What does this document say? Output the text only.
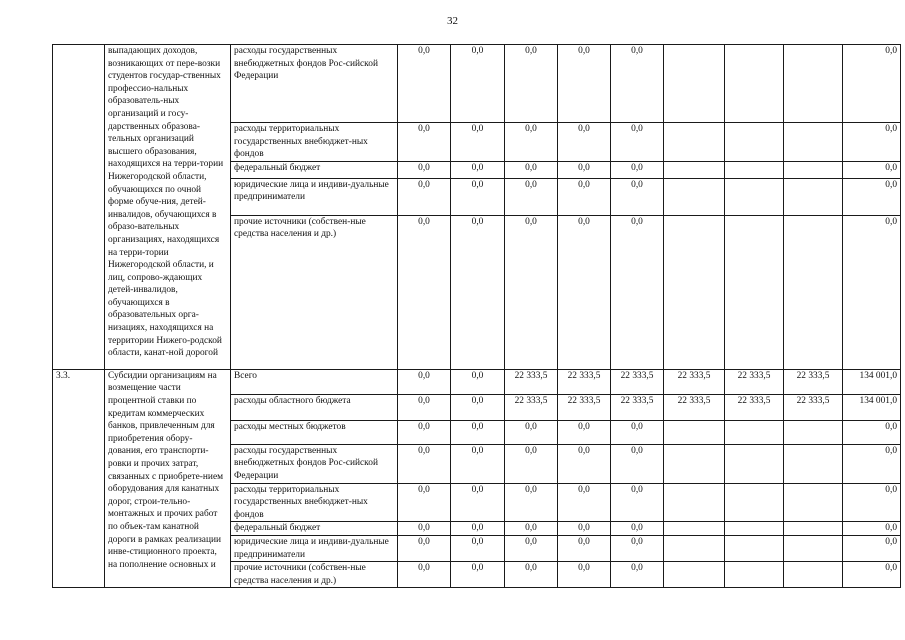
32
	выпадающих доходов, возникающих от пере-возки студентов государ-ственных профессио-нальных образователь-ных организаций и госу-дарственных образова-тельных организаций высшего образования, находящихся на терри-тории Нижегородской области, обучающихся по очной форме обуче-ния, детей-инвалидов, обучающихся в образо-вательных организациях, находящихся на терри-тории Нижегородской области, и лиц, сопрово-ждающих детей-инвалидов, обучающихся в образовательных орга-низациях, находящихся на территории Нижего-родской области, канат-ной дорогой	расходы государственных внебюджетных фондов Рос-сийской Федерации	0,0	0,0	0,0	0,0	0,0				0,0
		расходы территориальных государственных внебюджет-ных фондов	0,0	0,0	0,0	0,0	0,0				0,0
		федеральный бюджет	0,0	0,0	0,0	0,0	0,0				0,0
		юридические лица и индиви-дуальные предприниматели	0,0	0,0	0,0	0,0	0,0				0,0
		прочие источники (собствен-ные средства населения и др.)	0,0	0,0	0,0	0,0	0,0				0,0
3.3.	Субсидии организациям на возмещение части процентной ставки по кредитам коммерческих банков, привлеченным для приобретения обору-дования, его транспорти-ровки и прочих затрат, связанных с приобрете-нием оборудования для канатных дорог, строи-тельно-монтажных и прочих работ по объек-там канатной дороги в рамках реализации инве-стиционного проекта, на пополнение основных и	Всего	0,0	0,0	22 333,5	22 333,5	22 333,5	22 333,5	22 333,5	22 333,5	134 001,0
		расходы областного бюджета	0,0	0,0	22 333,5	22 333,5	22 333,5	22 333,5	22 333,5	22 333,5	134 001,0
		расходы местных бюджетов	0,0	0,0	0,0	0,0	0,0				0,0
		расходы государственных внебюджетных фондов Рос-сийской Федерации	0,0	0,0	0,0	0,0	0,0				0,0
		расходы территориальных государственных внебюджет-ных фондов	0,0	0,0	0,0	0,0	0,0				0,0
		федеральный бюджет	0,0	0,0	0,0	0,0	0,0				0,0
		юридические лица и индиви-дуальные предприниматели	0,0	0,0	0,0	0,0	0,0				0,0
		прочие источники (собствен-ные средства населения и др.)	0,0	0,0	0,0	0,0	0,0				0,0
